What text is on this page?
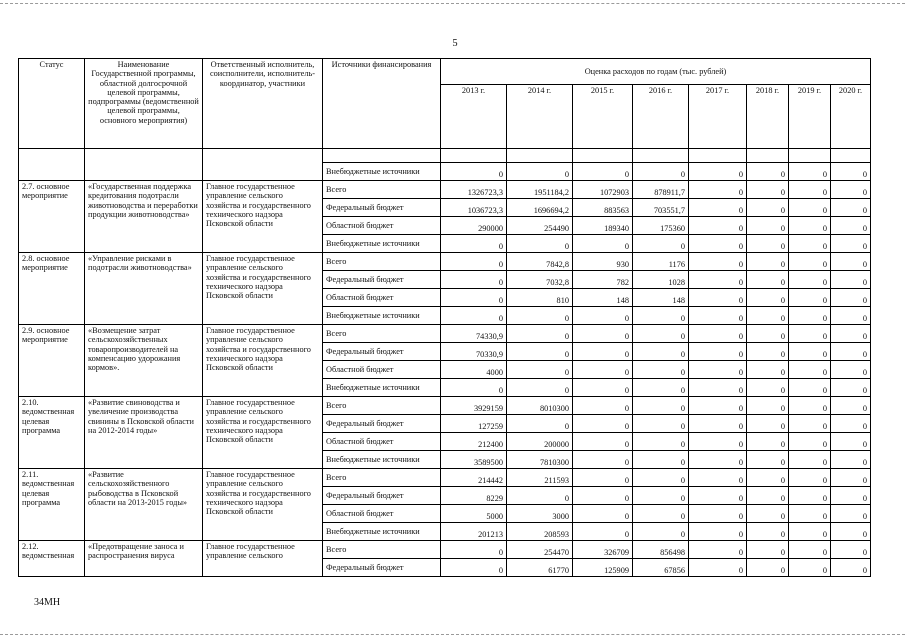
5
Статус	Наименование Государственной программы, областной долгосрочной целевой программы, подпрограммы (ведомственной целевой программы, основного мероприятия)	Ответственный исполнитель, соисполнители, исполнитель-координатор, участники	Источники финансирования	Оценка расходов по годам (тыс. рублей)							
				2013 г.	2014 г.	2015 г.	2016 г.	2017 г.	2018 г.	2019 г.	2020 г.

			Внебюджетные источники	0	0	0	0	0	0	0	0
2.7. основное мероприятие	«Государственная поддержка кредитования подотрасли животноводства и переработки продукции животноводства»	Главное государственное управление сельского хозяйства и государственного технического надзора Псковской области	Всего	1326723,3	1951184,2	1072903	878911,7	0	0	0	0
			Федеральный бюджет	1036723,3	1696694,2	883563	703551,7	0	0	0	0
			Областной бюджет	290000	254490	189340	175360	0	0	0	0
			Внебюджетные источники	0	0	0	0	0	0	0	0
2.8. основное мероприятие	«Управление рисками в подотрасли животноводства»	Главное государственное управление сельского хозяйства и государственного технического надзора Псковской области	Всего	0	7842,8	930	1176	0	0	0	0
			Федеральный бюджет	0	7032,8	782	1028	0	0	0	0
			Областной бюджет	0	810	148	148	0	0	0	0
			Внебюджетные источники	0	0	0	0	0	0	0	0
2.9. основное мероприятие	«Возмещение затрат сельскохозяйственных товаропроизводителей на компенсацию удорожания кормов».	Главное государственное управление сельского хозяйства и государственного технического надзора Псковской области	Всего	74330,9	0	0	0	0	0	0	0
			Федеральный бюджет	70330,9	0	0	0	0	0	0	0
			Областной бюджет	4000	0	0	0	0	0	0	0
			Внебюджетные источники	0	0	0	0	0	0	0	0
2.10. ведомственная целевая программа	«Развитие свиноводства и увеличение производства свинины в Псковской области на 2012-2014 годы»	Главное государственное управление сельского хозяйства и государственного технического надзора Псковской области	Всего	3929159	8010300	0	0	0	0	0	0
			Федеральный бюджет	127259	0	0	0	0	0	0	0
			Областной бюджет	212400	200000	0	0	0	0	0	0
			Внебюджетные источники	3589500	7810300	0	0	0	0	0	0
2.11. ведомственная целевая программа	«Развитие сельскохозяйственного рыбоводства в Псковской области на 2013-2015 годы»	Главное государственное управление сельского хозяйства и государственного технического надзора Псковской области	Всего	214442	211593	0	0	0	0	0	0
			Федеральный бюджет	8229	0	0	0	0	0	0	0
			Областной бюджет	5000	3000	0	0	0	0	0	0
			Внебюджетные источники	201213	208593	0	0	0	0	0	0
2.12. ведомственная	«Предотвращение заноса и распространения вируса	Главное государственное управление сельского	Всего	0	254470	326709	856498	0	0	0	0
			Федеральный бюджет	0	61770	125909	67856	0	0	0	0
34МН
